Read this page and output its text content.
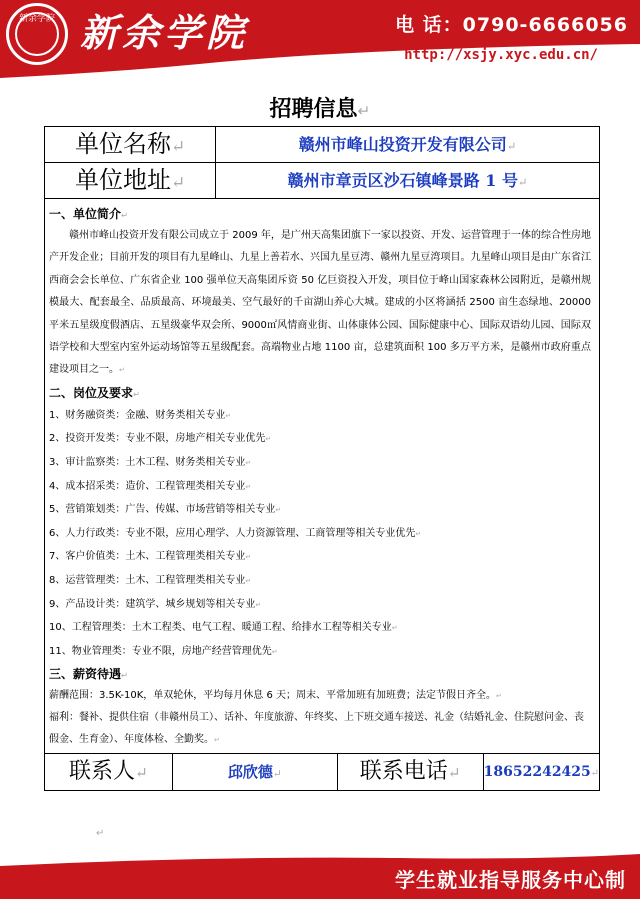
新余学院 新余学院	电 话：0790-6666056
http://xsjy.xyc.edu.cn/
招聘信息↵
单位名称↵	赣州市峰山投资开发有限公司↵
单位地址↵	赣州市章贡区沙石镇峰景路 1 号↵
一、单位简介↵
赣州市峰山投资开发有限公司成立于 2009 年，是广州天高集团旗下一家以投资、开发、运营管理于一体的综合性房地产开发企业；目前开发的项目有九星峰山、九星上善若水、兴国九星豆湾、赣州九星豆湾项目。九星峰山项目是由广东省江西商会会长单位、广东省企业 100 强单位天高集团斥资 50 亿巨资投入开发，项目位于峰山国家森林公园附近，是赣州规模最大、配套最全、品质最高、环境最美、空气最好的千亩湖山养心大城。建成的小区将涵括 2500 亩生态绿地、20000 平米五星级度假酒店、五星级豪华双会所、9000㎡风情商业街、山体康体公园、国际健康中心、国际双语幼儿园、国际双语学校和大型室内室外运动场馆等五星级配套。高端物业占地 1100 亩，总建筑面积 100 多万平方米，是赣州市政府重点建设项目之一。↵
二、岗位及要求↵
1、财务融资类：金融、财务类相关专业↵
2、投资开发类：专业不限，房地产相关专业优先↵
3、审计监察类：土木工程、财务类相关专业↵
4、成本招采类：造价、工程管理类相关专业↵
5、营销策划类：广告、传媒、市场营销等相关专业↵
6、人力行政类：专业不限，应用心理学、人力资源管理、工商管理等相关专业优先↵
7、客户价值类：土木、工程管理类相关专业↵
8、运营管理类：土木、工程管理类相关专业↵
9、产品设计类：建筑学、城乡规划等相关专业↵
10、工程管理类：土木工程类、电气工程、暖通工程、给排水工程等相关专业↵
11、物业管理类：专业不限，房地产经营管理优先↵
三、薪资待遇↵
薪酬范围：3.5K-10K，单双轮休，平均每月休息 6 天；周末、平常加班有加班费；法定节假日齐全。↵
福利：餐补、提供住宿（非赣州员工）、话补、年度旅游、年终奖、上下班交通车接送、礼金（结婚礼金、住院慰问金、丧假金、生育金）、年度体检、全勤奖。↵
联系人↵	邱欣德↵	联系电话↵	18652242425↵
↵
学生就业指导服务中心制
